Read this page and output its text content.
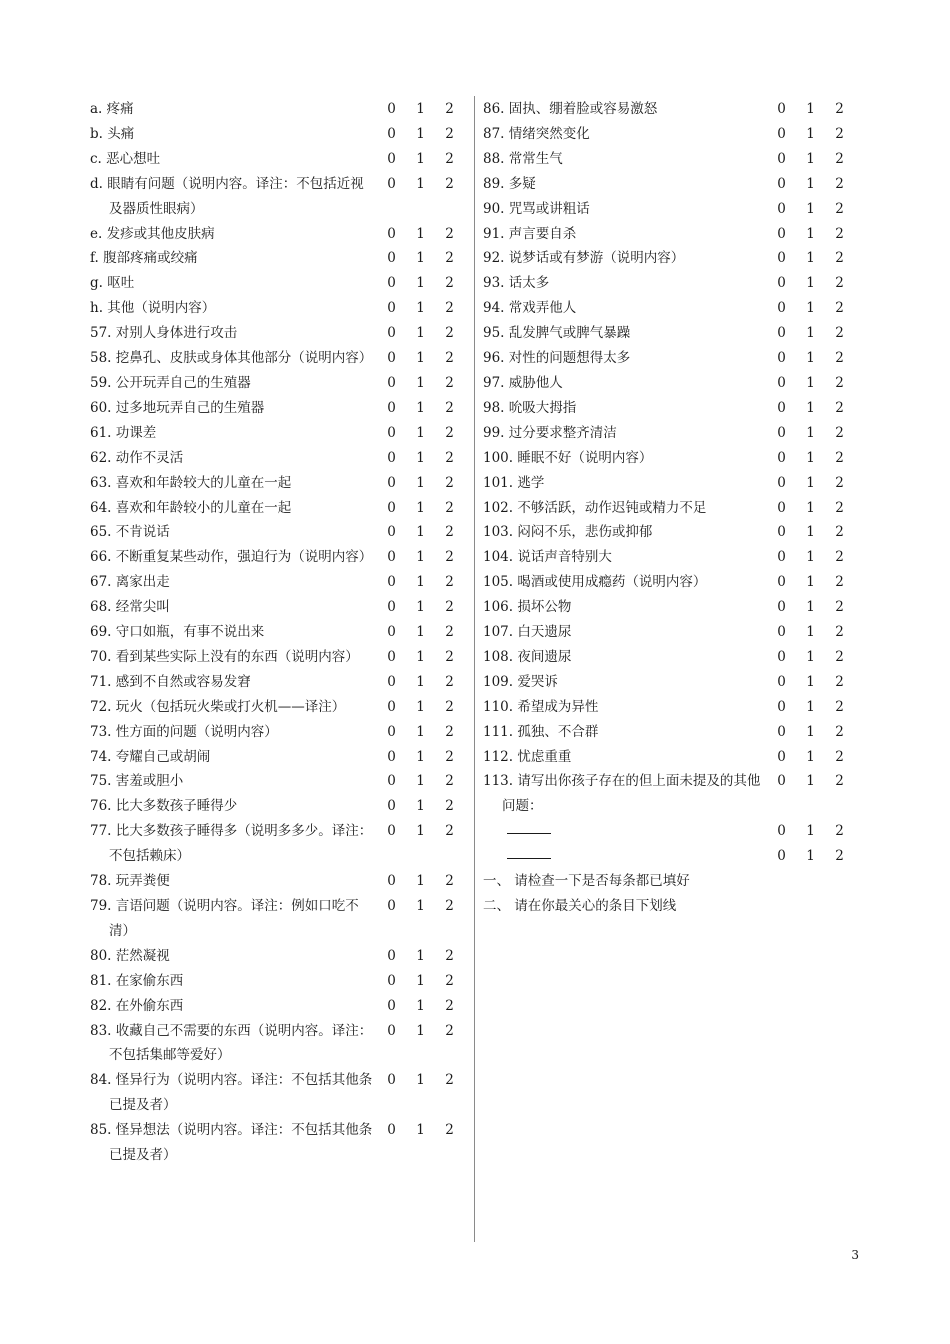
a. 疼痛	0	1	2
b. 头痛	0	1	2
c. 恶心想吐	0	1	2
d. 眼睛有问题（说明内容。译注：不包括近视及器质性眼病）
0	1	2
e. 发疹或其他皮肤病	0	1	2
f. 腹部疼痛或绞痛	0	1	2
g. 呕吐	0	1	2
h. 其他（说明内容）	0	1	2
57. 对别人身体进行攻击	0	1	2
58. 挖鼻孔、皮肤或身体其他部分（说明内容）	0	1	2
59. 公开玩弄自己的生殖器	0	1	2
60. 过多地玩弄自己的生殖器	0	1	2
61. 功课差	0	1	2
62. 动作不灵活	0	1	2
63. 喜欢和年龄较大的儿童在一起	0	1	2
64. 喜欢和年龄较小的儿童在一起	0	1	2
65. 不肯说话	0	1	2
66. 不断重复某些动作，强迫行为（说明内容）	0	1	2
67. 离家出走	0	1	2
68. 经常尖叫	0	1	2
69. 守口如瓶，有事不说出来	0	1	2
70. 看到某些实际上没有的东西（说明内容）	0	1	2
71. 感到不自然或容易发窘	0	1	2
72. 玩火（包括玩火柴或打火机——译注）	0	1	2
73. 性方面的问题（说明内容）	0	1	2
74. 夸耀自己或胡闹	0	1	2
75. 害羞或胆小	0	1	2
76. 比大多数孩子睡得少	0	1	2
77. 比大多数孩子睡得多（说明多多少。译注：不包括赖床）
0	1	2
78. 玩弄粪便	0	1	2
79. 言语问题（说明内容。译注：例如口吃不清）
0	1	2
80. 茫然凝视	0	1	2
81. 在家偷东西	0	1	2
82. 在外偷东西	0	1	2
83. 收藏自己不需要的东西（说明内容。译注：不包括集邮等爱好）
0	1	2
84. 怪异行为（说明内容。译注：不包括其他条已提及者）
0	1	2
85. 怪异想法（说明内容。译注：不包括其他条已提及者）
0	1	2
86. 固执、绷着脸或容易激怒	0	1	2
87. 情绪突然变化	0	1	2
88. 常常生气	0	1	2
89. 多疑	0	1	2
90. 咒骂或讲粗话	0	1	2
91. 声言要自杀	0	1	2
92. 说梦话或有梦游（说明内容）	0	1	2
93. 话太多	0	1	2
94. 常戏弄他人	0	1	2
95. 乱发脾气或脾气暴躁	0	1	2
96. 对性的问题想得太多	0	1	2
97. 威胁他人	0	1	2
98. 吮吸大拇指	0	1	2
99. 过分要求整齐清洁	0	1	2
100. 睡眠不好（说明内容）	0	1	2
101. 逃学	0	1	2
102. 不够活跃，动作迟钝或精力不足	0	1	2
103. 闷闷不乐，悲伤或抑郁	0	1	2
104. 说话声音特别大	0	1	2
105. 喝酒或使用成瘾药（说明内容）	0	1	2
106. 损坏公物	0	1	2
107. 白天遗尿	0	1	2
108. 夜间遗尿	0	1	2
109. 爱哭诉	0	1	2
110. 希望成为异性	0	1	2
111. 孤独、不合群	0	1	2
112. 忧虑重重	0	1	2
113. 请写出你孩子存在的但上面未提及的其他问题：
0	1	2
0	1	2
0	1	2
一、 请检查一下是否每条都已填好
二、 请在你最关心的条目下划线
3
